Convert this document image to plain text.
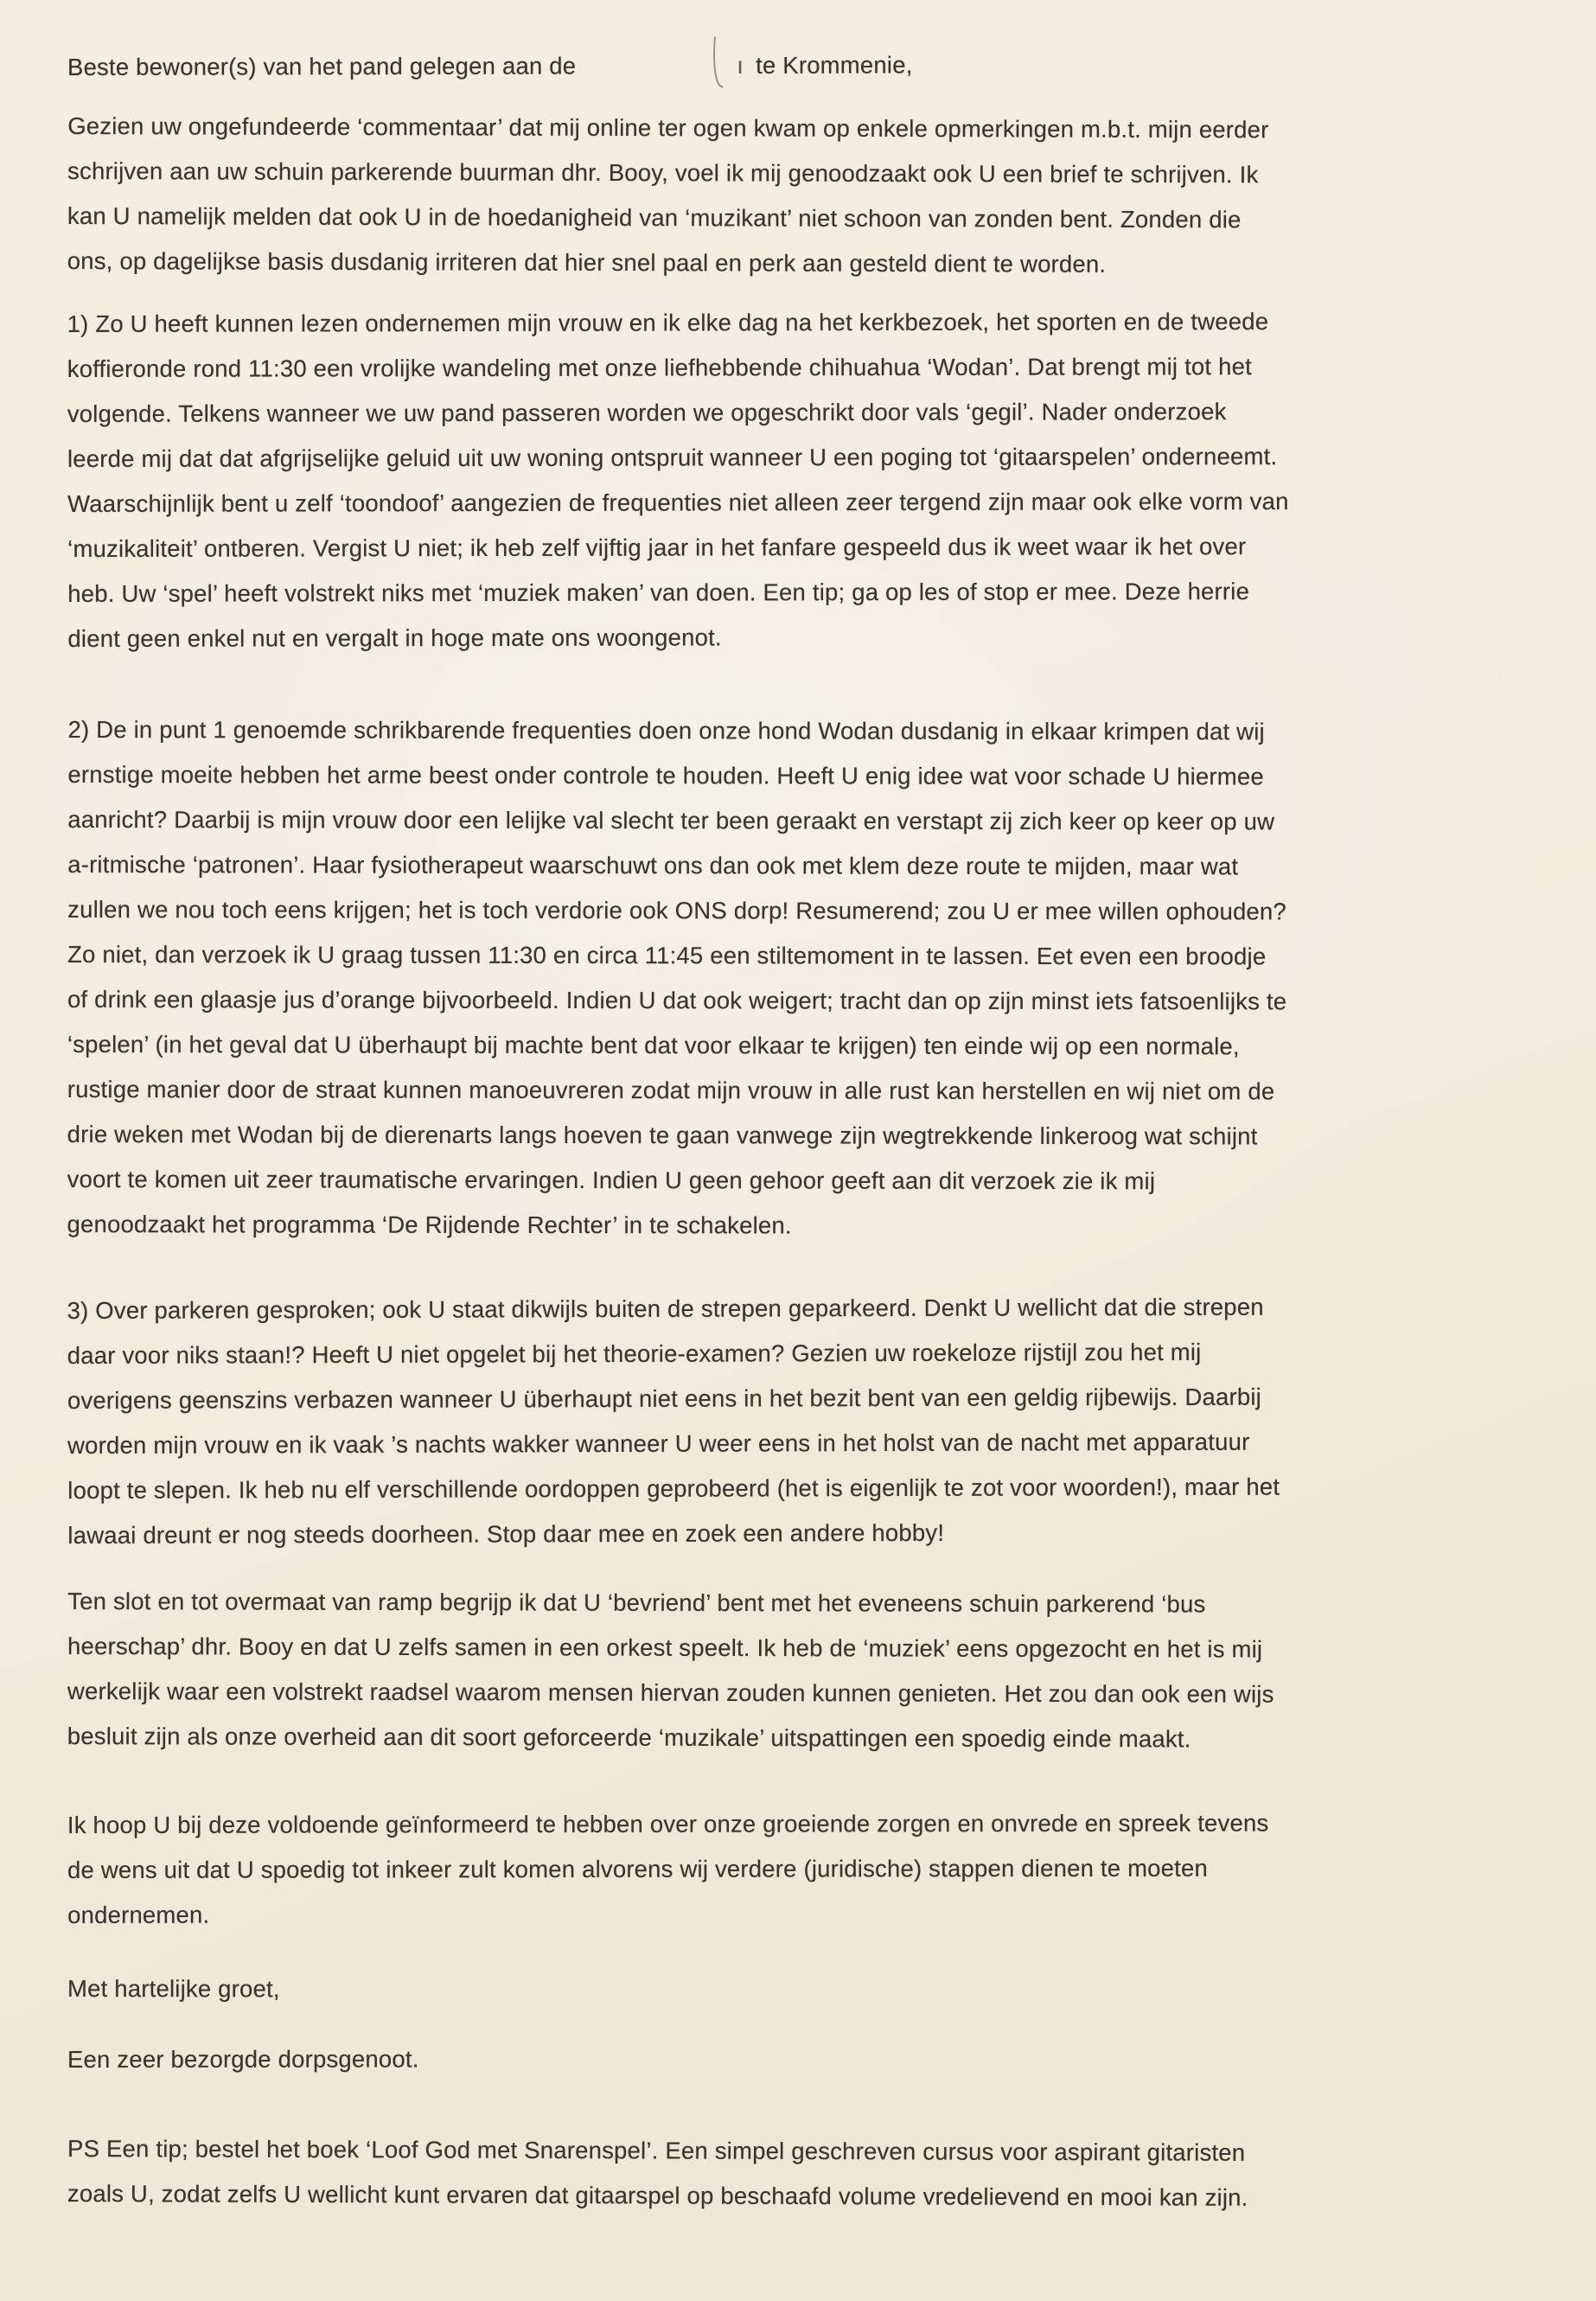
Beste bewoner(s) van het pand gelegen aan de	ı te Krommenie,
Gezien uw ongefundeerde ‘commentaar’ dat mij online ter ogen kwam op enkele opmerkingen m.b.t. mijn eerder schrijven aan uw schuin parkerende buurman dhr. Booy, voel ik mij genoodzaakt ook U een brief te schrijven. Ik kan U namelijk melden dat ook U in de hoedanigheid van ‘muzikant’ niet schoon van zonden bent. Zonden die ons, op dagelijkse basis dusdanig irriteren dat hier snel paal en perk aan gesteld dient te worden.
1) Zo U heeft kunnen lezen ondernemen mijn vrouw en ik elke dag na het kerkbezoek, het sporten en de tweede koffieronde rond 11:30 een vrolijke wandeling met onze liefhebbende chihuahua ‘Wodan’. Dat brengt mij tot het volgende. Telkens wanneer we uw pand passeren worden we opgeschrikt door vals ‘gegil’. Nader onderzoek leerde mij dat dat afgrijselijke geluid uit uw woning ontspruit wanneer U een poging tot ‘gitaarspelen’ onderneemt. Waarschijnlijk bent u zelf ‘toondoof’ aangezien de frequenties niet alleen zeer tergend zijn maar ook elke vorm van ‘muzikaliteit’ ontberen. Vergist U niet; ik heb zelf vijftig jaar in het fanfare gespeeld dus ik weet waar ik het over heb. Uw ‘spel’ heeft volstrekt niks met ‘muziek maken’ van doen. Een tip; ga op les of stop er mee. Deze herrie dient geen enkel nut en vergalt in hoge mate ons woongenot.
2) De in punt 1 genoemde schrikbarende frequenties doen onze hond Wodan dusdanig in elkaar krimpen dat wij ernstige moeite hebben het arme beest onder controle te houden. Heeft U enig idee wat voor schade U hiermee aanricht? Daarbij is mijn vrouw door een lelijke val slecht ter been geraakt en verstapt zij zich keer op keer op uw a-ritmische ‘patronen’. Haar fysiotherapeut waarschuwt ons dan ook met klem deze route te mijden, maar wat zullen we nou toch eens krijgen; het is toch verdorie ook ONS dorp! Resumerend; zou U er mee willen ophouden? Zo niet, dan verzoek ik U graag tussen 11:30 en circa 11:45 een stiltemoment in te lassen. Eet even een broodje of drink een glaasje jus d’orange bijvoorbeeld. Indien U dat ook weigert; tracht dan op zijn minst iets fatsoenlijks te ‘spelen’ (in het geval dat U überhaupt bij machte bent dat voor elkaar te krijgen) ten einde wij op een normale, rustige manier door de straat kunnen manoeuvreren zodat mijn vrouw in alle rust kan herstellen en wij niet om de drie weken met Wodan bij de dierenarts langs hoeven te gaan vanwege zijn wegtrekkende linkeroog wat schijnt voort te komen uit zeer traumatische ervaringen. Indien U geen gehoor geeft aan dit verzoek zie ik mij genoodzaakt het programma ‘De Rijdende Rechter’ in te schakelen.
3) Over parkeren gesproken; ook U staat dikwijls buiten de strepen geparkeerd. Denkt U wellicht dat die strepen daar voor niks staan!? Heeft U niet opgelet bij het theorie-examen? Gezien uw roekeloze rijstijl zou het mij overigens geenszins verbazen wanneer U überhaupt niet eens in het bezit bent van een geldig rijbewijs. Daarbij worden mijn vrouw en ik vaak ’s nachts wakker wanneer U weer eens in het holst van de nacht met apparatuur loopt te slepen. Ik heb nu elf verschillende oordoppen geprobeerd (het is eigenlijk te zot voor woorden!), maar het lawaai dreunt er nog steeds doorheen. Stop daar mee en zoek een andere hobby!
Ten slot en tot overmaat van ramp begrijp ik dat U ‘bevriend’ bent met het eveneens schuin parkerend ‘bus heerschap’ dhr. Booy en dat U zelfs samen in een orkest speelt. Ik heb de ‘muziek’ eens opgezocht en het is mij werkelijk waar een volstrekt raadsel waarom mensen hiervan zouden kunnen genieten. Het zou dan ook een wijs besluit zijn als onze overheid aan dit soort geforceerde ‘muzikale’ uitspattingen een spoedig einde maakt.
Ik hoop U bij deze voldoende geïnformeerd te hebben over onze groeiende zorgen en onvrede en spreek tevens de wens uit dat U spoedig tot inkeer zult komen alvorens wij verdere (juridische) stappen dienen te moeten ondernemen.
Met hartelijke groet,
Een zeer bezorgde dorpsgenoot.
PS Een tip; bestel het boek ‘Loof God met Snarenspel’. Een simpel geschreven cursus voor aspirant gitaristen zoals U, zodat zelfs U wellicht kunt ervaren dat gitaarspel op beschaafd volume vredelievend en mooi kan zijn.
